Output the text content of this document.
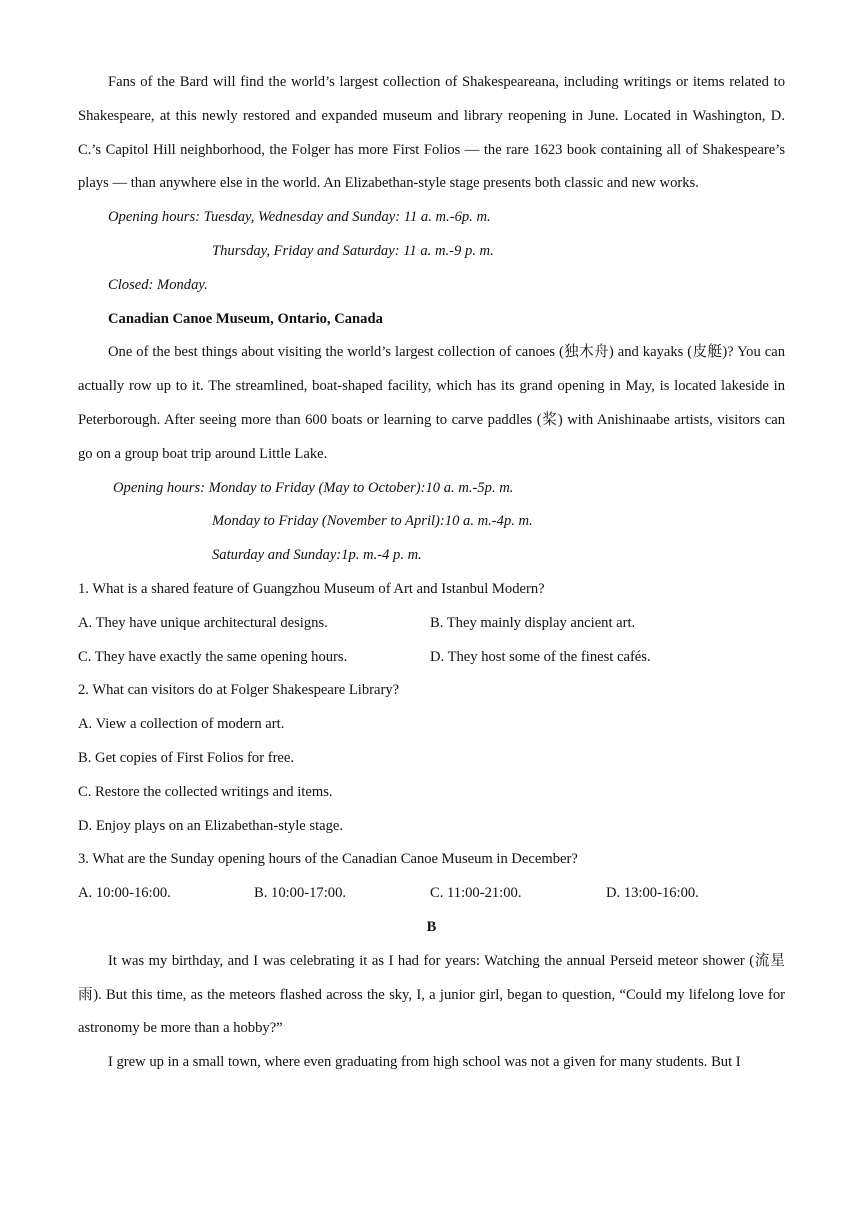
Fans of the Bard will find the world’s largest collection of Shakespeareana, including writings or items related to Shakespeare, at this newly restored and expanded museum and library reopening in June. Located in Washington, D. C.’s Capitol Hill neighborhood, the Folger has more First Folios — the rare 1623 book containing all of Shakespeare’s plays — than anywhere else in the world. An Elizabethan-style stage presents both classic and new works.
Opening hours: Tuesday, Wednesday and Sunday: 11 a. m.-6p. m.
Thursday, Friday and Saturday: 11 a. m.-9 p. m.
Closed: Monday.
Canadian Canoe Museum, Ontario, Canada
One of the best things about visiting the world’s largest collection of canoes (独木舟) and kayaks (皮艇)? You can actually row up to it. The streamlined, boat-shaped facility, which has its grand opening in May, is located lakeside in Peterborough. After seeing more than 600 boats or learning to carve paddles (桨) with Anishinaabe artists, visitors can go on a group boat trip around Little Lake.
Opening hours: Monday to Friday (May to October):10 a. m.-5p. m.
Monday to Friday (November to April):10 a. m.-4p. m.
Saturday and Sunday:1p. m.-4 p. m.
1. What is a shared feature of Guangzhou Museum of Art and Istanbul Modern?
A. They have unique architectural designs.	B. They mainly display ancient art.
C. They have exactly the same opening hours.	D. They host some of the finest cafés.
2. What can visitors do at Folger Shakespeare Library?
A. View a collection of modern art.
B. Get copies of First Folios for free.
C. Restore the collected writings and items.
D. Enjoy plays on an Elizabethan-style stage.
3. What are the Sunday opening hours of the Canadian Canoe Museum in December?
A. 10:00-16:00.	B. 10:00-17:00.	C. 11:00-21:00.	D. 13:00-16:00.
B
It was my birthday, and I was celebrating it as I had for years: Watching the annual Perseid meteor shower (流星雨). But this time, as the meteors flashed across the sky, I, a junior girl, began to question, “Could my lifelong love for astronomy be more than a hobby?”
I grew up in a small town, where even graduating from high school was not a given for many students. But I
